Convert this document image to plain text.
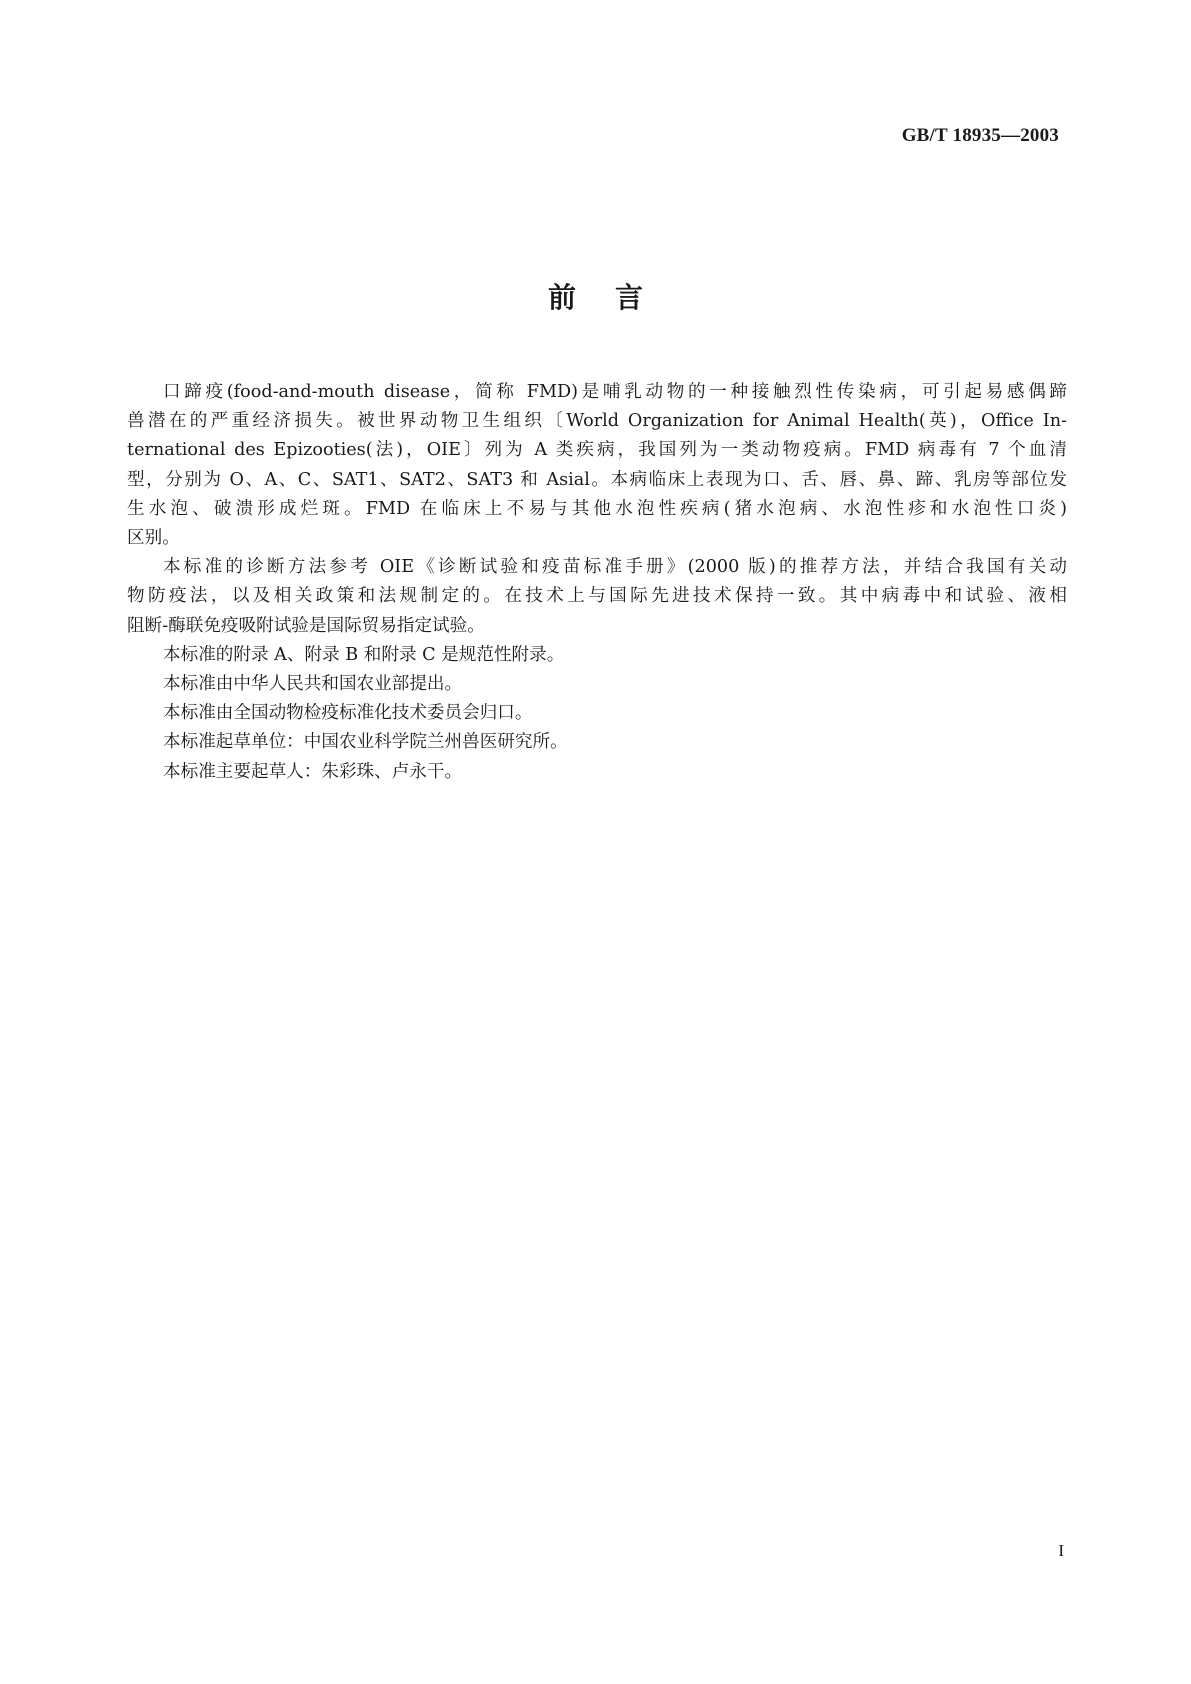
GB/T 18935—2003
前    言

口蹄疫(food-and-mouth disease，简称 FMD)是哺乳动物的一种接触烈性传染病，可引起易感偶蹄
兽潜在的严重经济损失。被世界动物卫生组织〔World Organization for Animal Health(英)，Office In-
ternational des Epizooties(法)，OIE〕列为 A 类疾病，我国列为一类动物疫病。FMD 病毒有 7 个血清
型，分别为 O、A、C、SAT1、SAT2、SAT3 和 Asial。本病临床上表现为口、舌、唇、鼻、蹄、乳房等部位发
生水泡、破溃形成烂斑。FMD 在临床上不易与其他水泡性疾病(猪水泡病、水泡性疹和水泡性口炎)
区别。

本标准的诊断方法参考 OIE《诊断试验和疫苗标准手册》(2000 版)的推荐方法，并结合我国有关动
物防疫法，以及相关政策和法规制定的。在技术上与国际先进技术保持一致。其中病毒中和试验、液相
阻断-酶联免疫吸附试验是国际贸易指定试验。

本标准的附录 A、附录 B 和附录 C 是规范性附录。

本标准由中华人民共和国农业部提出。

本标准由全国动物检疫标准化技术委员会归口。

本标准起草单位：中国农业科学院兰州兽医研究所。

本标准主要起草人：朱彩珠、卢永干。

I
